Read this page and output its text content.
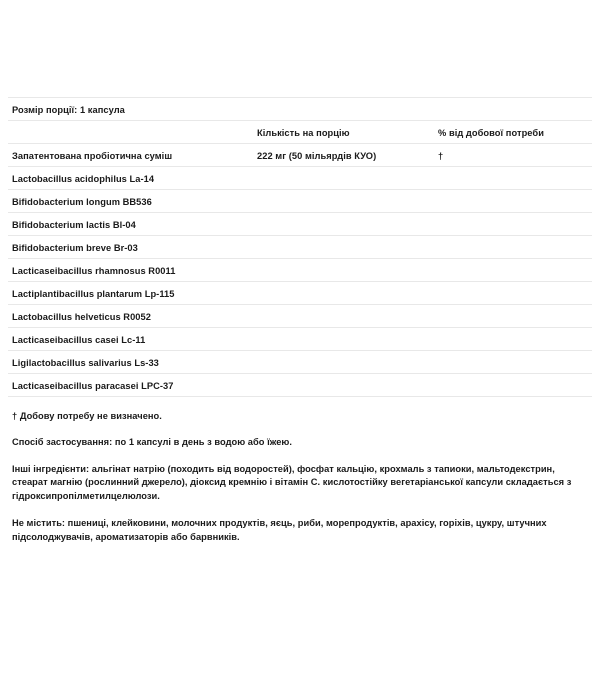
Розмір порції: 1 капсула		

	Кількість на порцію	% від добової потреби

Запатентована пробіотична суміш	222 мг (50 мільярдів КУО)	†

Lactobacillus acidophilus La-14		

Bifidobacterium longum BB536		

Bifidobacterium lactis Bl-04		

Bifidobacterium breve Br-03		

Lacticaseibacillus rhamnosus R0011		

Lactiplantibacillus plantarum Lp-115		

Lactobacillus helveticus R0052		

Lacticaseibacillus casei Lc-11		

Ligilactobacillus salivarius Ls-33		

Lacticaseibacillus paracasei LPC-37		

† Добову потребу не визначено.

Спосіб застосування: по 1 капсулі в день з водою або їжею.

Інші інгредієнти: альгінат натрію (походить від водоростей), фосфат кальцію, крохмаль з тапиоки, мальтодекстрин, стеарат магнію (рослинний джерело), діоксид кремнію і вітамін С. кислотостійку вегетаріанської капсули складається з гідроксипропілметилцелюлози.

Не містить: пшениці, клейковини, молочних продуктів, яєць, риби, морепродуктів, арахісу, горіхів, цукру, штучних підсолоджувачів, ароматизаторів або барвників.
